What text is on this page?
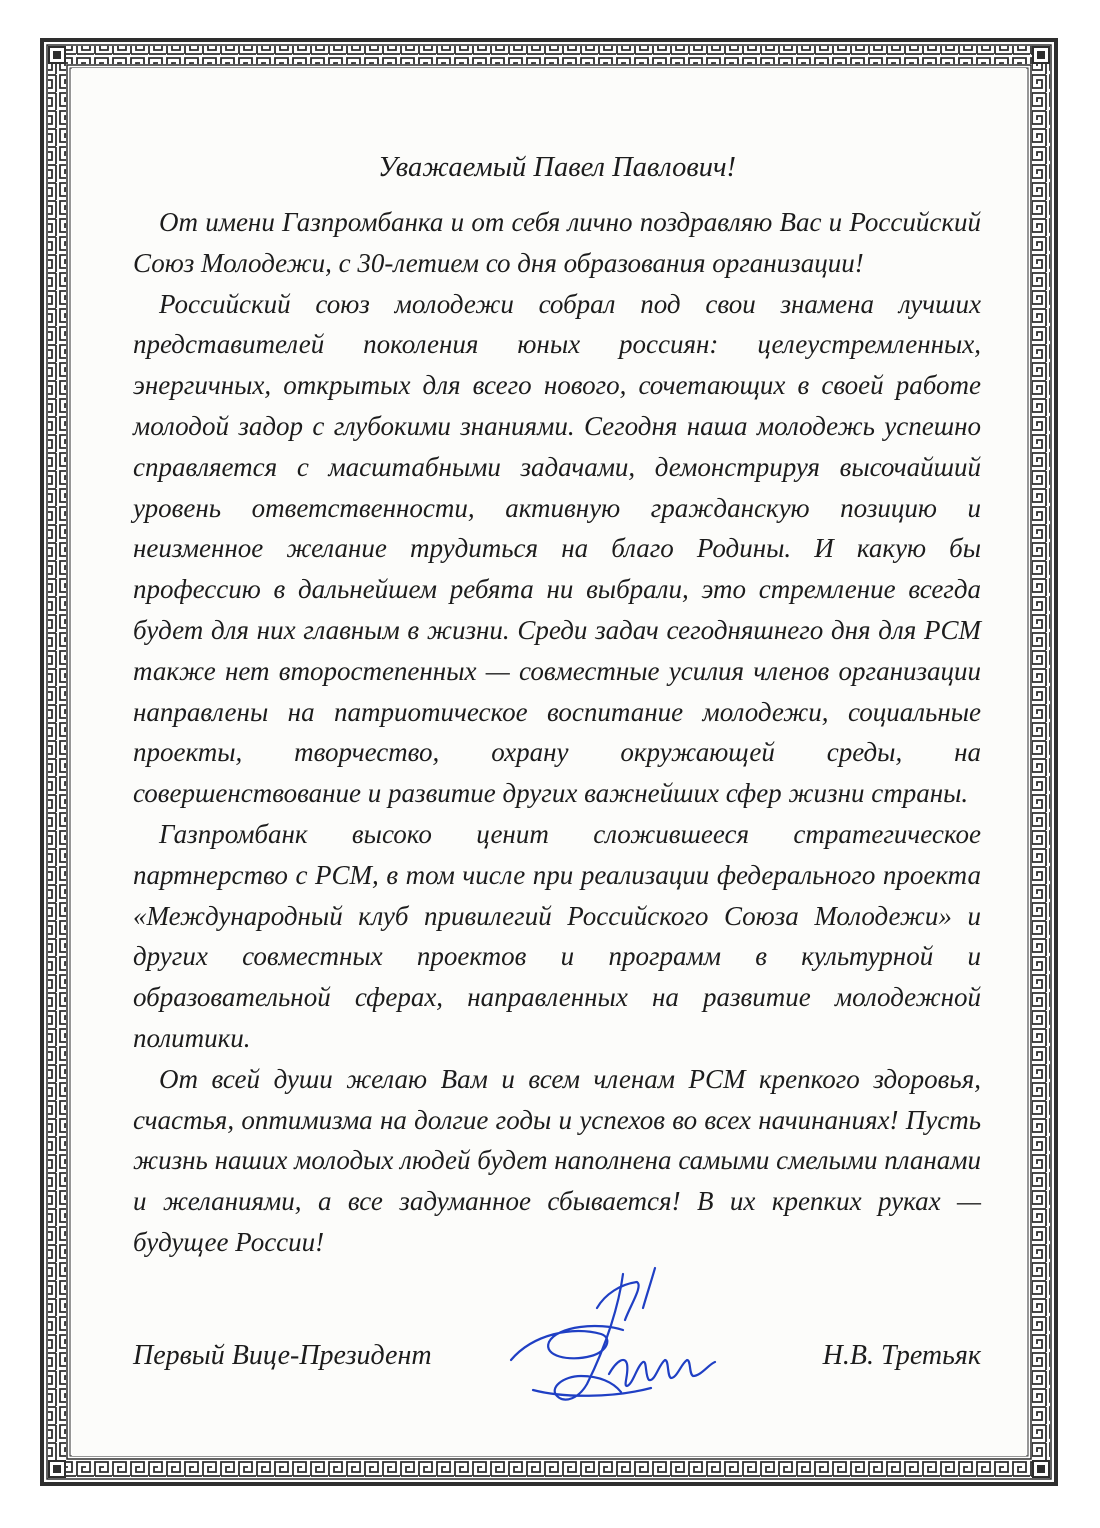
Уважаемый Павел Павлович!

От имени Газпромбанка и от себя лично поздравляю Вас и Российский Союз Молодежи, с 30-летием со дня образования организации!

Российский союз молодежи собрал под свои знамена лучших представителей поколения юных россиян: целеустремленных, энергичных, открытых для всего нового, сочетающих в своей работе молодой задор с глубокими знаниями. Сегодня наша молодежь успешно справляется с масштабными задачами, демонстрируя высочайший уровень ответственности, активную гражданскую позицию и неизменное желание трудиться на благо Родины. И какую бы профессию в дальнейшем ребята ни выбрали, это стремление всегда будет для них главным в жизни. Среди задач сегодняшнего дня для РСМ также нет второстепенных — совместные усилия членов организации направлены на патриотическое воспитание молодежи, социальные проекты, творчество, охрану окружающей среды, на совершенствование и развитие других важнейших сфер жизни страны.

Газпромбанк высоко ценит сложившееся стратегическое партнерство с РСМ, в том числе при реализации федерального проекта «Международный клуб привилегий Российского Союза Молодежи» и других совместных проектов и программ в культурной и образовательной сферах, направленных на развитие молодежной политики.

От всей души желаю Вам и всем членам РСМ крепкого здоровья, счастья, оптимизма на долгие годы и успехов во всех начинаниях! Пусть жизнь наших молодых людей будет наполнена самыми смелыми планами и желаниями, а все задуманное сбывается! В их крепких руках — будущее России!

Первый Вице-Президент	Н.В. Третьяк
